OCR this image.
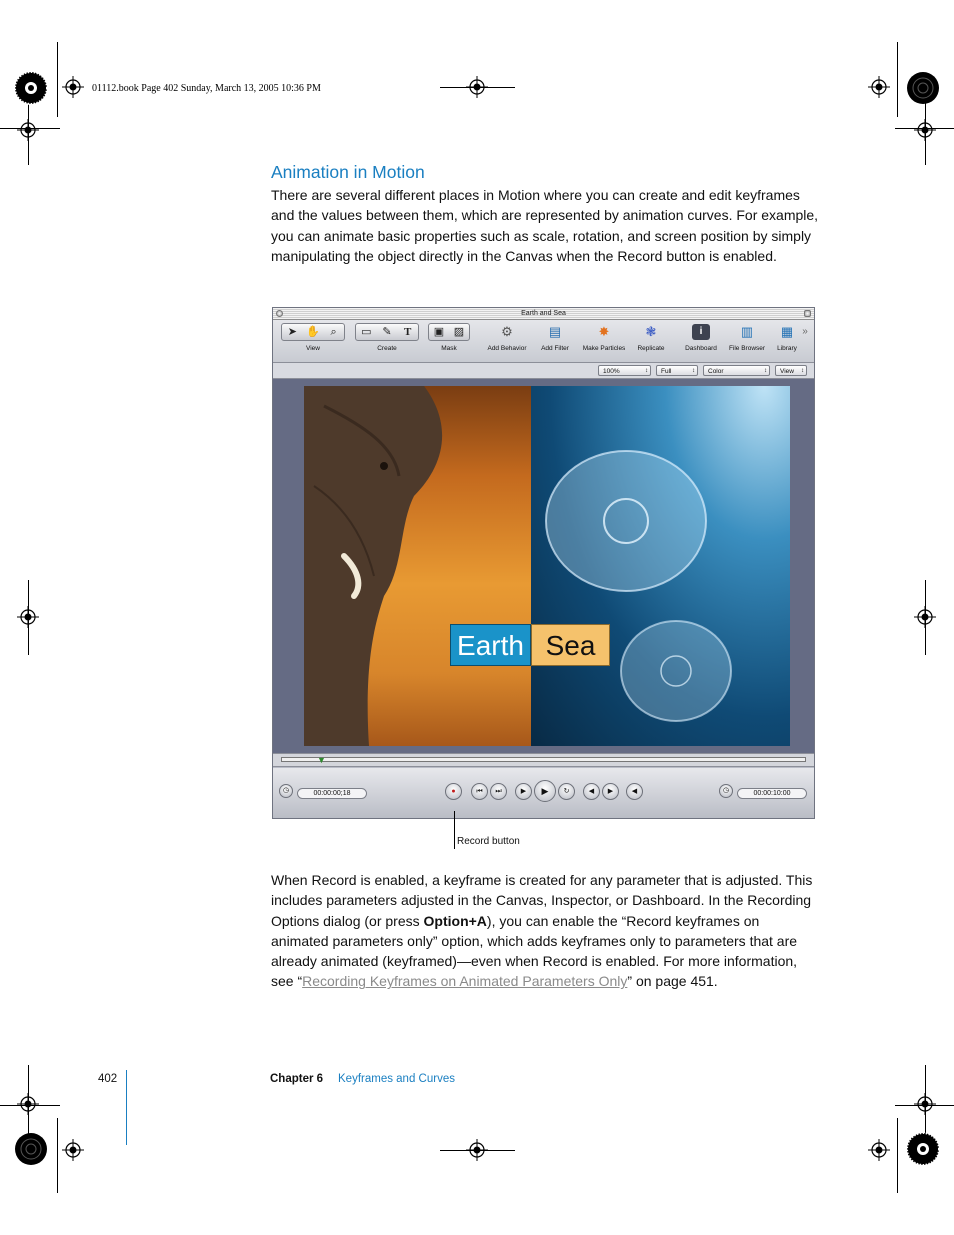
01112.book Page 402 Sunday, March 13, 2005 10:36 PM
Animation in Motion

There are several different places in Motion where you can create and edit keyframes and the values between them, which are represented by animation curves. For example, you can animate basic properties such as scale, rotation, and screen position by simply manipulating the object directly in the Canvas when the Record button is enabled.

Earth and Sea
➤ ✋ ⌕
View
▭ ✎	T
Create
▣ ▨
Mask
⚙
Add Behavior
▤
Add Filter
✸
Make Particles
❃
Replicate
i
Dashboard
▥
File Browser
▦
Library
»
100% ↕	Full ↕	Color ↕	View ↕
Earth Sea
▼
◷	00:00:00;18	●	⏮	⏭	▶	▶	↻	◀	▶	◀	◷	00:00:10:00
Record button

When Record is enabled, a keyframe is created for any parameter that is adjusted. This includes parameters adjusted in the Canvas, Inspector, or Dashboard. In the Recording Options dialog (or press Option+A), you can enable the “Record keyframes on animated parameters only” option, which adds keyframes only to parameters that are already animated (keyframed)—even when Record is enabled. For more information, see “Recording Keyframes on Animated Parameters Only” on page 451.

402	Chapter 6 Keyframes and Curves
